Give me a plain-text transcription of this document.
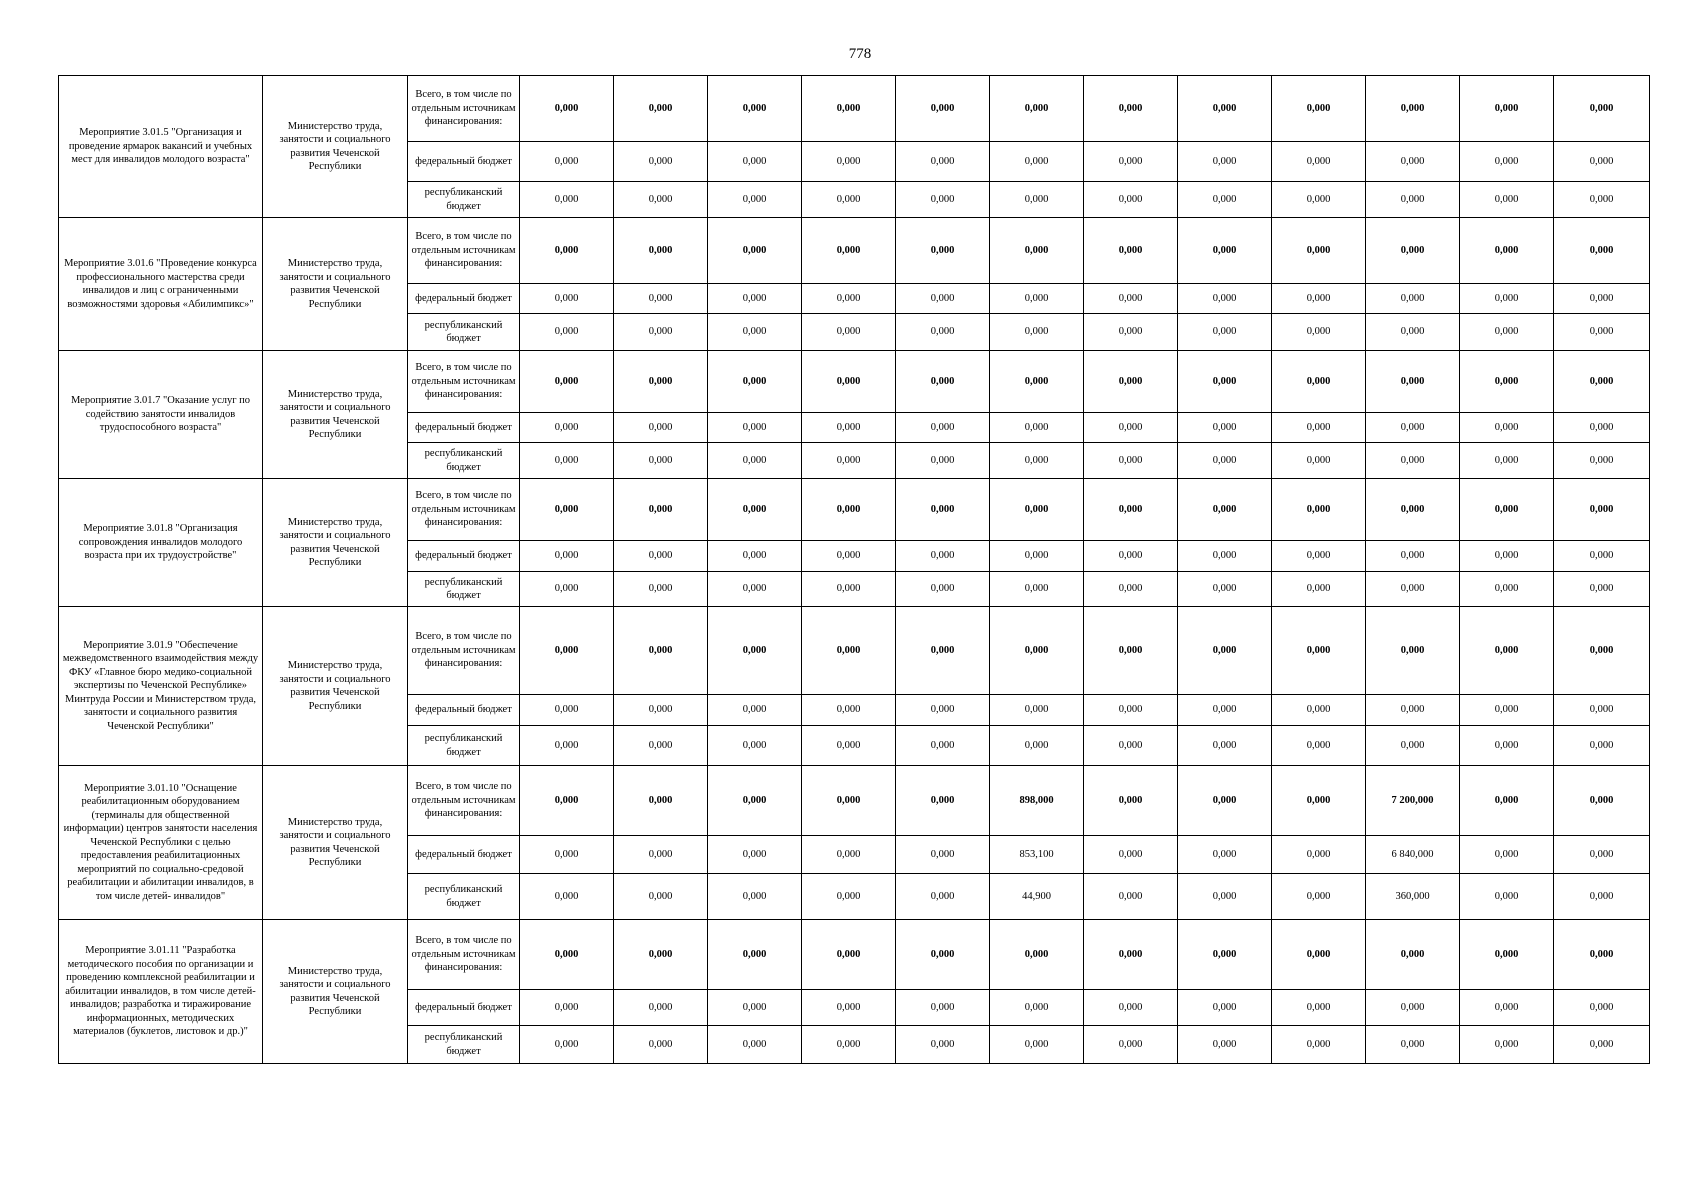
778
Мероприятие 3.01.5 "Организация и проведение ярмарок вакансий и учебных мест для инвалидов молодого возраста"	Министерство труда, занятости и социального развития Чеченской Республики	Всего, в том числе по отдельным источникам финансирования:	0,000	0,000	0,000	0,000	0,000	0,000	0,000	0,000	0,000	0,000	0,000	0,000
		федеральный бюджет	0,000	0,000	0,000	0,000	0,000	0,000	0,000	0,000	0,000	0,000	0,000	0,000
		республиканский бюджет	0,000	0,000	0,000	0,000	0,000	0,000	0,000	0,000	0,000	0,000	0,000	0,000
Мероприятие 3.01.6 "Проведение конкурса профессионального мастерства среди инвалидов и лиц с ограниченными возможностями здоровья «Абилимпикс»"	Министерство труда, занятости и социального развития Чеченской Республики	Всего, в том числе по отдельным источникам финансирования:	0,000	0,000	0,000	0,000	0,000	0,000	0,000	0,000	0,000	0,000	0,000	0,000
		федеральный бюджет	0,000	0,000	0,000	0,000	0,000	0,000	0,000	0,000	0,000	0,000	0,000	0,000
		республиканский бюджет	0,000	0,000	0,000	0,000	0,000	0,000	0,000	0,000	0,000	0,000	0,000	0,000
Мероприятие 3.01.7 "Оказание услуг по содействию занятости инвалидов трудоспособного возраста"	Министерство труда, занятости и социального развития Чеченской Республики	Всего, в том числе по отдельным источникам финансирования:	0,000	0,000	0,000	0,000	0,000	0,000	0,000	0,000	0,000	0,000	0,000	0,000
		федеральный бюджет	0,000	0,000	0,000	0,000	0,000	0,000	0,000	0,000	0,000	0,000	0,000	0,000
		республиканский бюджет	0,000	0,000	0,000	0,000	0,000	0,000	0,000	0,000	0,000	0,000	0,000	0,000
Мероприятие 3.01.8 "Организация сопровождения инвалидов молодого возраста при их трудоустройстве"	Министерство труда, занятости и социального развития Чеченской Республики	Всего, в том числе по отдельным источникам финансирования:	0,000	0,000	0,000	0,000	0,000	0,000	0,000	0,000	0,000	0,000	0,000	0,000
		федеральный бюджет	0,000	0,000	0,000	0,000	0,000	0,000	0,000	0,000	0,000	0,000	0,000	0,000
		республиканский бюджет	0,000	0,000	0,000	0,000	0,000	0,000	0,000	0,000	0,000	0,000	0,000	0,000
Мероприятие 3.01.9 "Обеспечение межведомственного взаимодействия между ФКУ «Главное бюро медико-социальной экспертизы по Чеченской Республике» Минтруда России и Министерством труда, занятости и социального развития Чеченской Республики"	Министерство труда, занятости и социального развития Чеченской Республики	Всего, в том числе по отдельным источникам финансирования:	0,000	0,000	0,000	0,000	0,000	0,000	0,000	0,000	0,000	0,000	0,000	0,000
		федеральный бюджет	0,000	0,000	0,000	0,000	0,000	0,000	0,000	0,000	0,000	0,000	0,000	0,000
		республиканский бюджет	0,000	0,000	0,000	0,000	0,000	0,000	0,000	0,000	0,000	0,000	0,000	0,000
Мероприятие 3.01.10 "Оснащение реабилитационным оборудованием (терминалы для общественной информации) центров занятости населения Чеченской Республики с целью предоставления реабилитационных мероприятий по социально-средовой реабилитации и абилитации инвалидов, в том числе детей- инвалидов"	Министерство труда, занятости и социального развития Чеченской Республики	Всего, в том числе по отдельным источникам финансирования:	0,000	0,000	0,000	0,000	0,000	898,000	0,000	0,000	0,000	7 200,000	0,000	0,000
		федеральный бюджет	0,000	0,000	0,000	0,000	0,000	853,100	0,000	0,000	0,000	6 840,000	0,000	0,000
		республиканский бюджет	0,000	0,000	0,000	0,000	0,000	44,900	0,000	0,000	0,000	360,000	0,000	0,000
Мероприятие 3.01.11 "Разработка методического пособия по организации и проведению комплексной реабилитации и абилитации инвалидов, в том числе детей- инвалидов; разработка и тиражирование информационных, методических материалов (буклетов, листовок и др.)"	Министерство труда, занятости и социального развития Чеченской Республики	Всего, в том числе по отдельным источникам финансирования:	0,000	0,000	0,000	0,000	0,000	0,000	0,000	0,000	0,000	0,000	0,000	0,000
		федеральный бюджет	0,000	0,000	0,000	0,000	0,000	0,000	0,000	0,000	0,000	0,000	0,000	0,000
		республиканский бюджет	0,000	0,000	0,000	0,000	0,000	0,000	0,000	0,000	0,000	0,000	0,000	0,000
